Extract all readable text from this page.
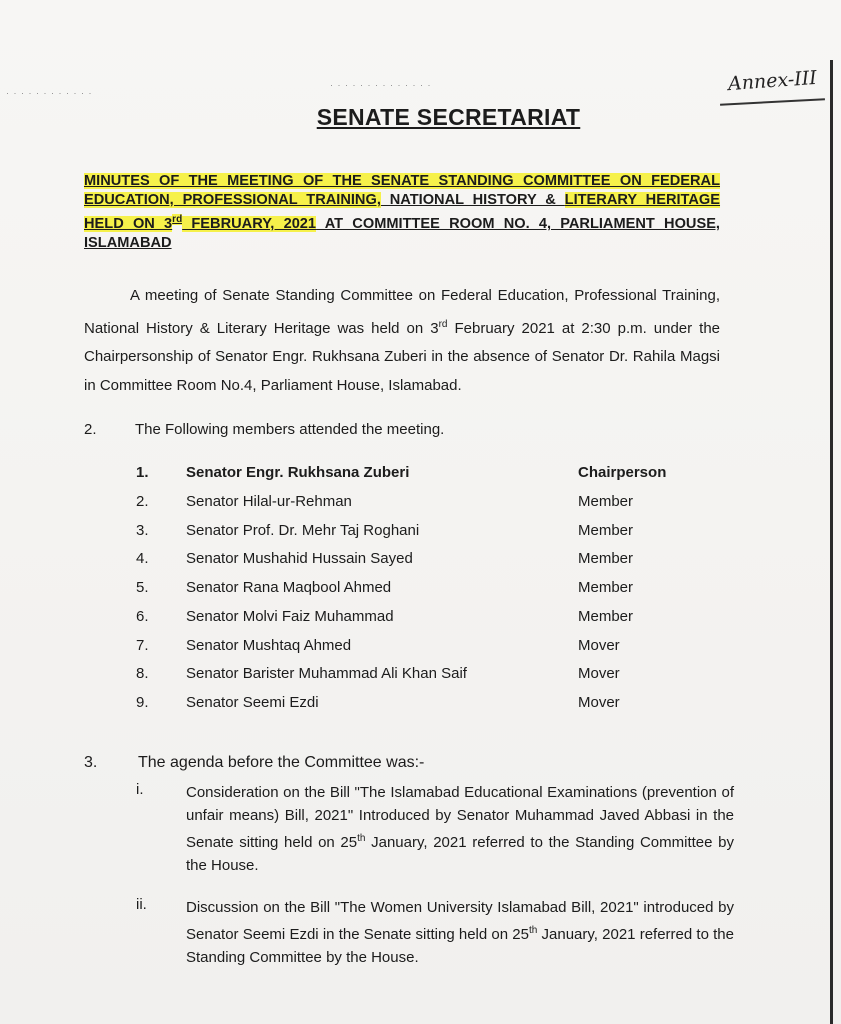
· · · · · · · · · · · ·
· · · · · · · · · · · · · ·	Annex-III
SENATE SECRETARIAT
MINUTES OF THE MEETING OF THE SENATE STANDING COMMITTEE ON FEDERAL EDUCATION, PROFESSIONAL TRAINING, NATIONAL HISTORY & LITERARY HERITAGE HELD ON 3rd FEBRUARY, 2021 AT COMMITTEE ROOM NO. 4, PARLIAMENT HOUSE, ISLAMABAD
A meeting of Senate Standing Committee on Federal Education, Professional Training, National History & Literary Heritage was held on 3rd February 2021 at 2:30 p.m. under the Chairpersonship of Senator Engr. Rukhsana Zuberi in the absence of Senator Dr. Rahila Magsi in Committee Room No.4, Parliament House, Islamabad.
2.	The Following members attended the meeting.
1. Senator Engr. Rukhsana Zuberi	Chairperson
2. Senator Hilal-ur-Rehman	Member
3. Senator Prof. Dr. Mehr Taj Roghani	Member
4. Senator Mushahid Hussain Sayed	Member
5. Senator Rana Maqbool Ahmed	Member
6. Senator Molvi Faiz Muhammad	Member
7. Senator Mushtaq Ahmed	Mover
8. Senator Barister Muhammad Ali Khan Saif	Mover
9. Senator Seemi Ezdi	Mover
3.	The agenda before the Committee was:-
i.	Consideration on the Bill "The Islamabad Educational Examinations (prevention of unfair means) Bill, 2021" Introduced by Senator Muhammad Javed Abbasi in the Senate sitting held on 25th January, 2021 referred to the Standing Committee by the House.
ii.	Discussion on the Bill "The Women University Islamabad Bill, 2021" introduced by Senator Seemi Ezdi in the Senate sitting held on 25th January, 2021 referred to the Standing Committee by the House.
